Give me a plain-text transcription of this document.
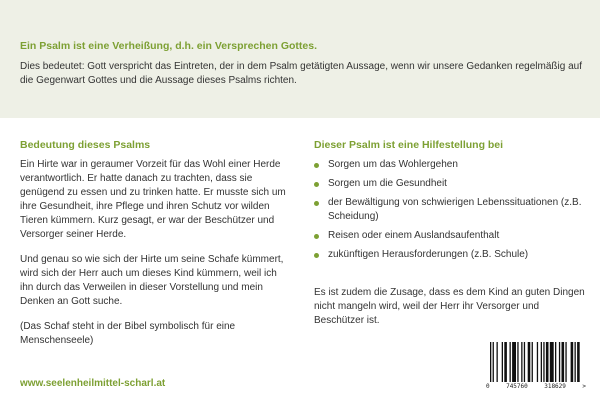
Ein Psalm ist eine Verheißung, d.h. ein Versprechen Gottes.
Dies bedeutet: Gott verspricht das Eintreten, der in dem Psalm getätigten Aussage, wenn wir unsere Gedanken regelmäßig auf die Gegenwart Gottes und die Aussage dieses Psalms richten.
Bedeutung dieses Psalms

Ein Hirte war in geraumer Vorzeit für das Wohl einer Herde verantwortlich. Er hatte danach zu trachten, dass sie genügend zu essen und zu trinken hatte. Er musste sich um ihre Gesundheit, ihre Pflege und ihren Schutz vor wilden Tieren kümmern. Kurz gesagt, er war der Beschützer und Versorger seiner Herde.

Und genau so wie sich der Hirte um seine Schafe kümmert, wird sich der Herr auch um dieses Kind kümmern, weil ich ihn durch das Verweilen in dieser Vorstellung und mein Denken an Gott suche.

(Das Schaf steht in der Bibel symbolisch für eine Menschenseele)

Dieser Psalm ist eine Hilfestellung bei
Sorgen um das Wohlergehen
Sorgen um die Gesundheit
der Bewältigung von schwierigen Lebenssituationen (z.B. Scheidung)
Reisen oder einem Auslandsaufenthalt
zukünftigen Herausforderungen (z.B. Schule)

Es ist zudem die Zusage, dass es dem Kind an guten Dingen nicht mangeln wird, weil der Herr ihr Versorger und Beschützer ist.

www.seelenheilmittel-scharl.at	0	745760	318629	>
